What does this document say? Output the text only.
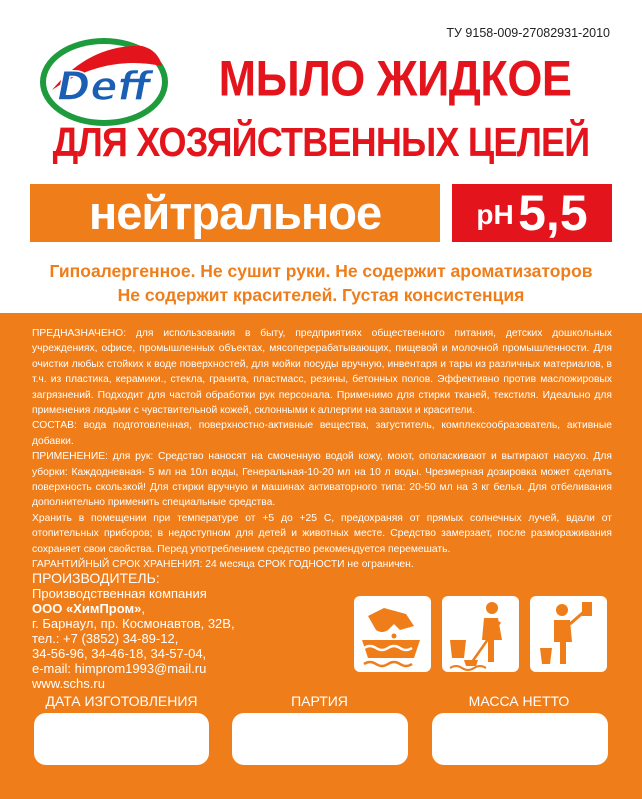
ТУ 9158-009-27082931-2010
Deff	МЫЛО ЖИДКОЕ
ДЛЯ ХОЗЯЙСТВЕННЫХ ЦЕЛЕЙ
нейтральное	pH 5,5
Гипоалергенное. Не сушит руки. Не содержит ароматизаторов
Не содержит красителей. Густая консистенция

ПРЕДНАЗНАЧЕНО: для использования в быту, предприятиях общественного питания, детских дошкольных учреждениях, офисе, промышленных объектах, мясоперерабатывающих, пищевой и молочной промышленности. Для очистки любых стойких к воде поверхностей, для мойки посуды вручную, инвентаря и тары из различных материалов, в т.ч. из пластика, керамики., стекла, гранита, пластмасс, резины, бетонных полов. Эффективно против масложировых загрязнений. Подходит для частой обработки рук персонала. Применимо для стирки тканей, текстиля. Идеально для применения людьми с чувствительной кожей, склонными к аллергии на запахи и красители.

СОСТАВ: вода подготовленная, поверхностно-активные вещества, загуститель, комплексообразователь, активные добавки.

ПРИМЕНЕНИЕ: для рук: Средство наносят на смоченную водой кожу, моют, ополаскивают и вытирают насухо. Для уборки: Каждодневная- 5 мл на 10л воды, Генеральная-10-20 мл на 10 л воды. Чрезмерная дозировка может сделать поверхность скользкой! Для стирки вручную и машинах активаторного типа: 20-50 мл на 3 кг белья. Для отбеливания дополнительно применить специальные средства.

Хранить в помещении при температуре от +5 до +25 С, предохраняя от прямых солнечных лучей, вдали от отопительных приборов; в недоступном для детей и животных месте. Средство замерзает, после размораживания сохраняет свои свойства. Перед употреблением средство рекомендуется перемешать.

ГАРАНТИЙНЫЙ СРОК ХРАНЕНИЯ: 24 месяца СРОК ГОДНОСТИ не ограничен.

ПРОИЗВОДИТЕЛЬ:
Производственная компания
ООО «ХимПром»,
г. Барнаул, пр. Космонавтов, 32В,
тел.: +7 (3852) 34-89-12,
34-56-96, 34-46-18, 34-57-04,
e-mail: himprom1993@mail.ru
www.schs.ru
ДАТА ИЗГОТОВЛЕНИЯ	ПАРТИЯ	МАССА НЕТТО
